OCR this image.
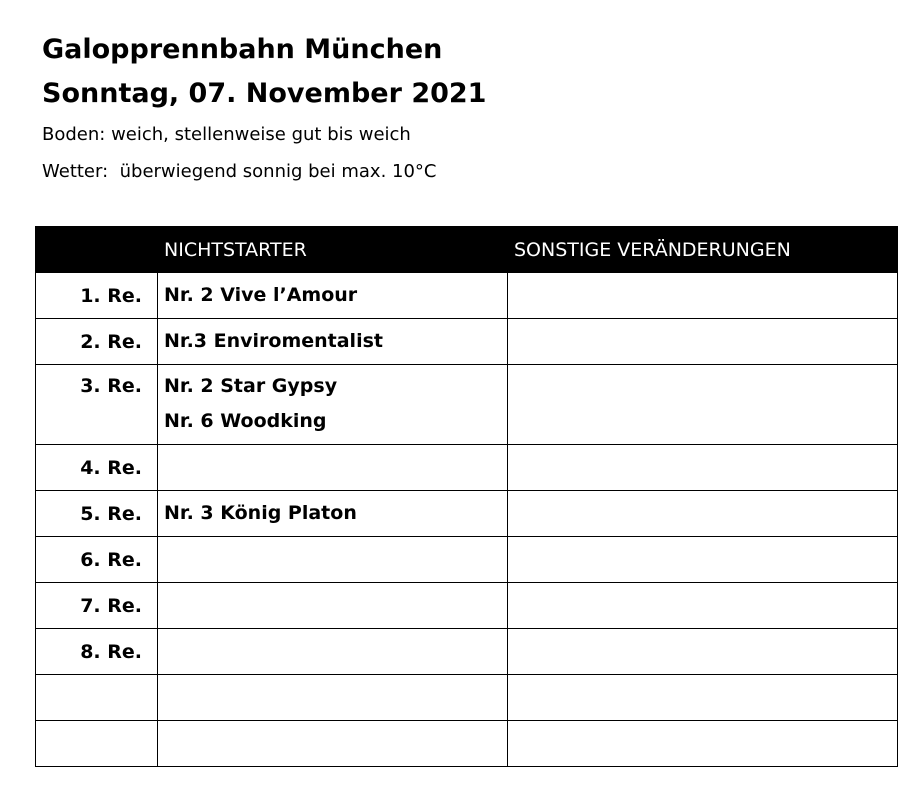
Galopprennbahn München
Sonntag, 07. November 2021
Boden: weich, stellenweise gut bis weich
Wetter: überwiegend sonnig bei max. 10°C
	NICHTSTARTER	SONSTIGE VERÄNDERUNGEN
1. Re.	Nr. 2 Vive l’Amour	

2. Re.	Nr.3 Enviromentalist	

3. Re.	Nr. 2 Star Gypsy
Nr. 6 Woodking	

4. Re.		
5. Re.	Nr. 3 König Platon	

6. Re.		
7. Re.		
8. Re.		
